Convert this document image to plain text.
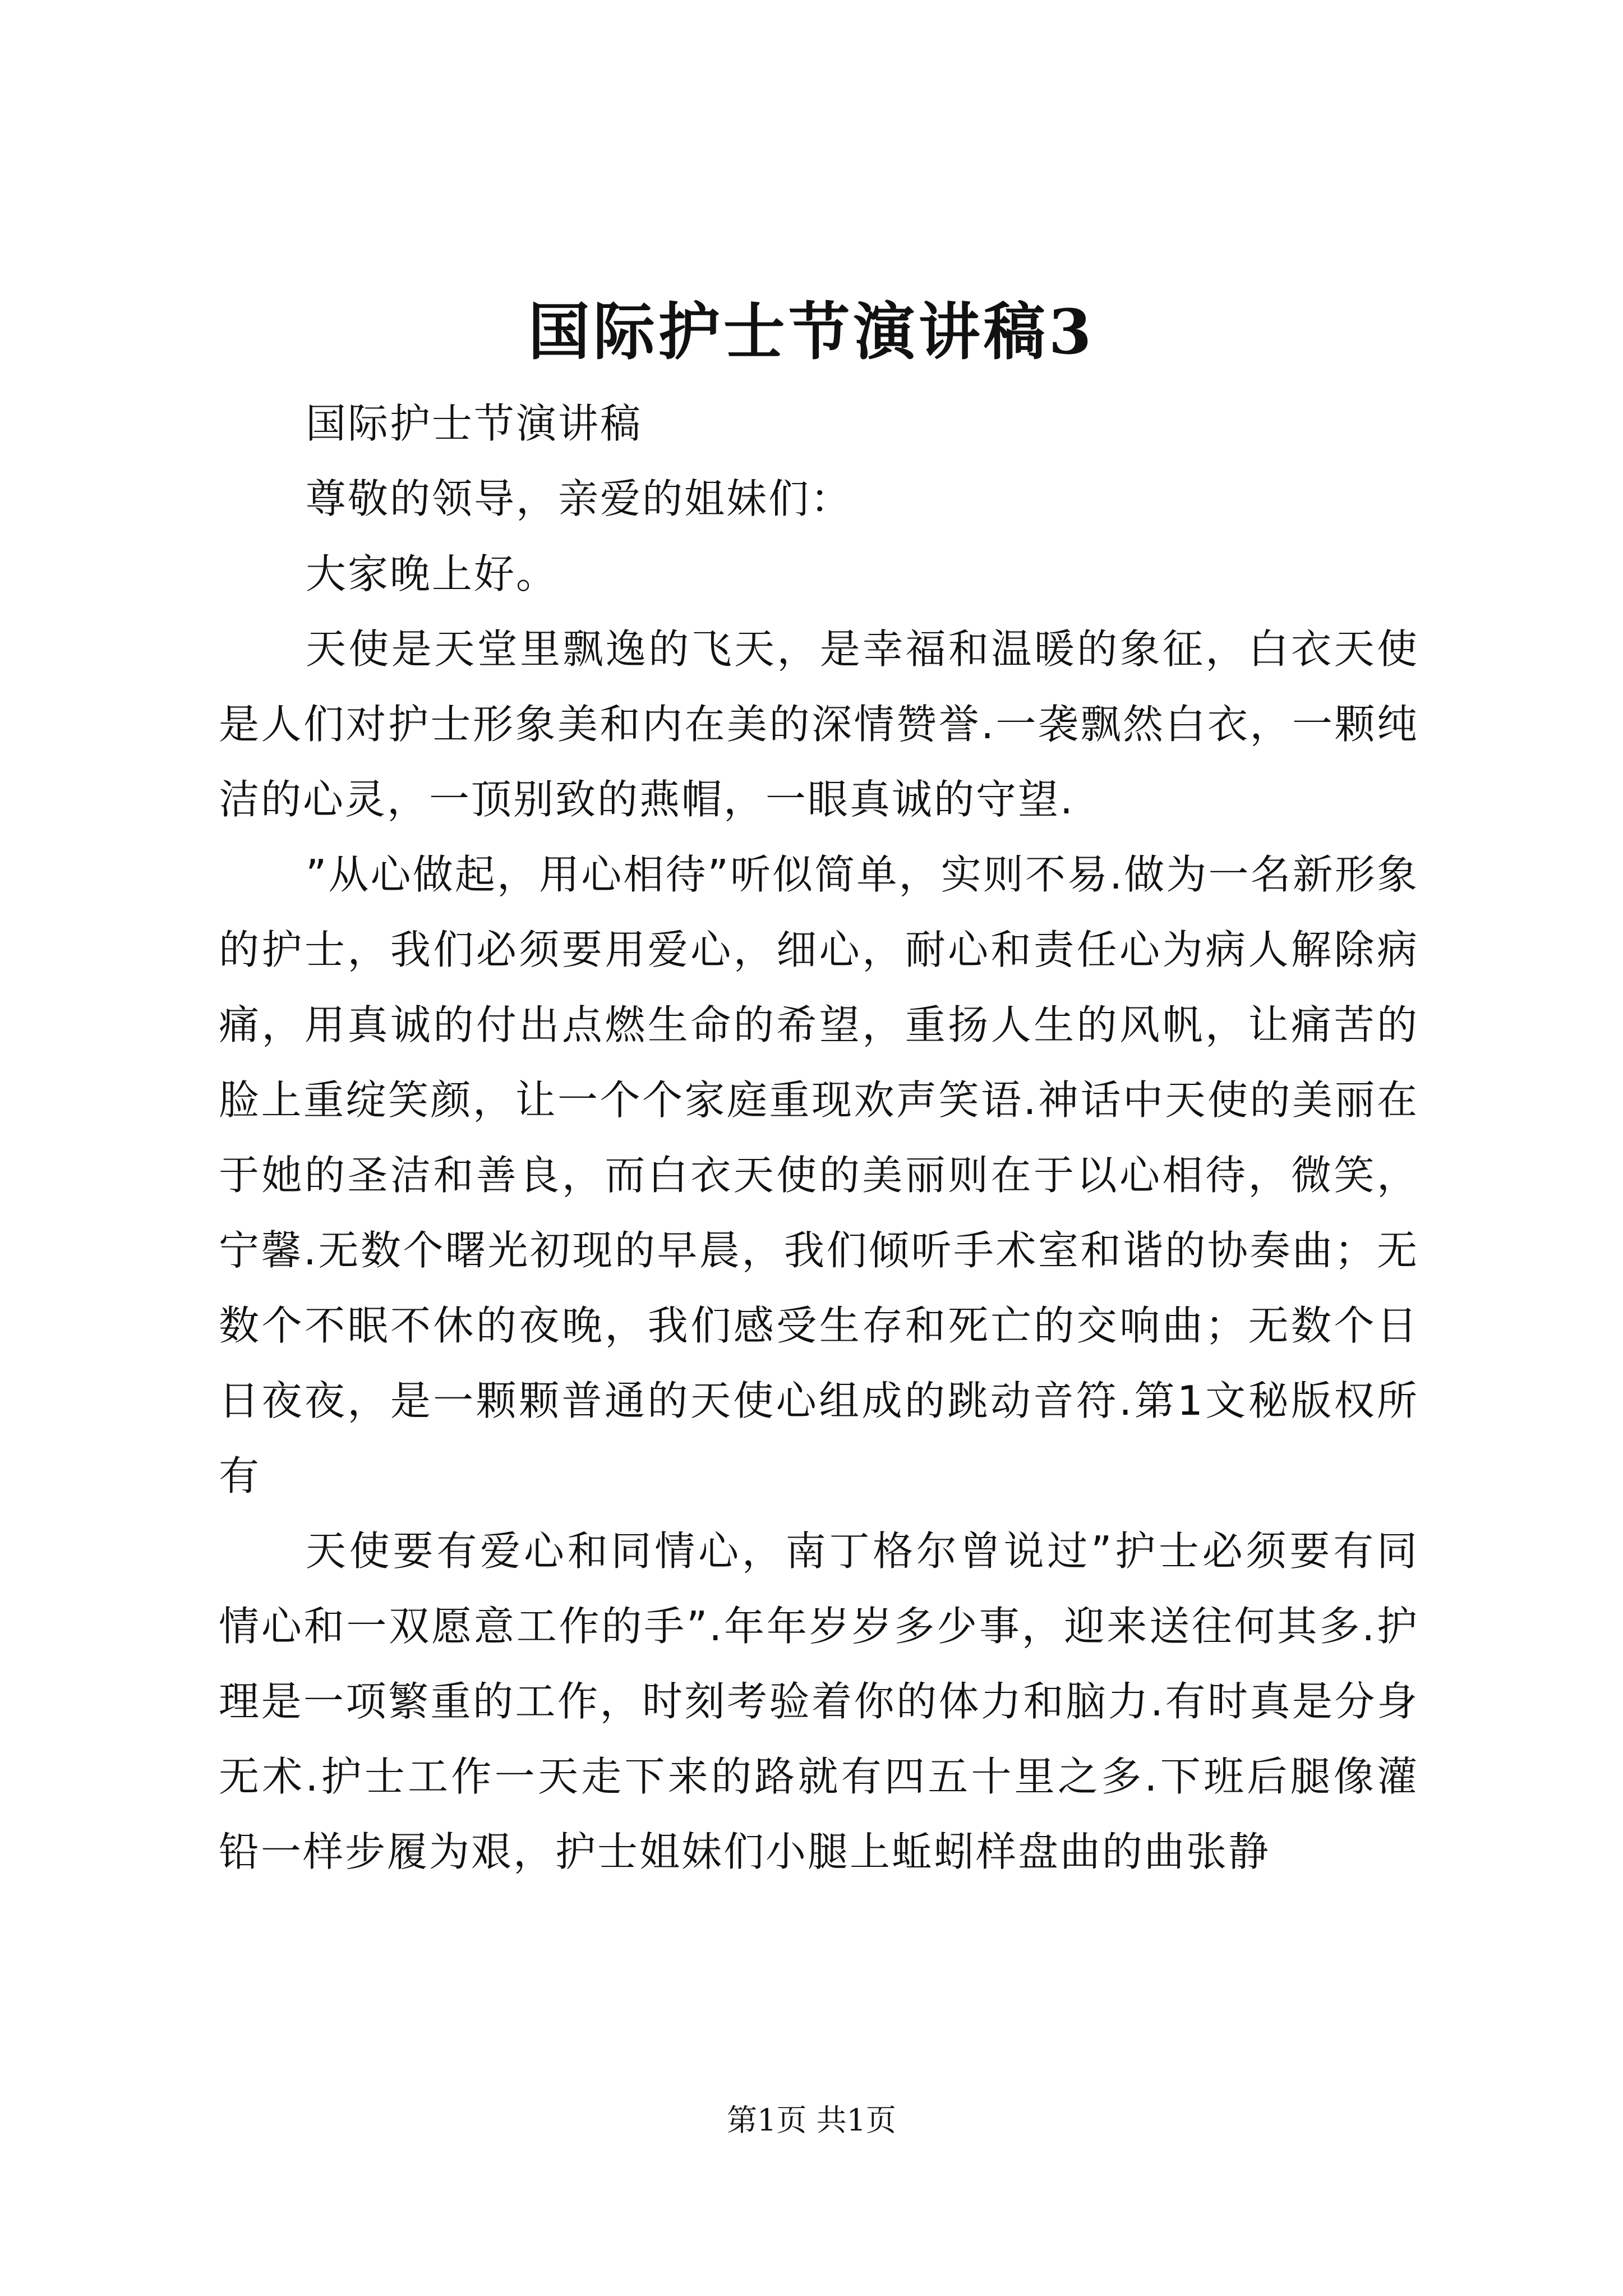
国际护士节演讲稿3

国际护士节演讲稿

尊敬的领导，亲爱的姐妹们：

大家晚上好。

天使是天堂里飘逸的飞天，是幸福和温暖的象征，白衣天使是人们对护士形象美和内在美的深情赞誉.一袭飘然白衣，一颗纯洁的心灵，一顶别致的燕帽，一眼真诚的守望.

”从心做起，用心相待”听似简单，实则不易.做为一名新形象的护士，我们必须要用爱心，细心，耐心和责任心为病人解除病痛，用真诚的付出点燃生命的希望，重扬人生的风帆，让痛苦的脸上重绽笑颜，让一个个家庭重现欢声笑语.神话中天使的美丽在于她的圣洁和善良，而白衣天使的美丽则在于以心相待，微笑，宁馨.无数个曙光初现的早晨，我们倾听手术室和谐的协奏曲；无数个不眠不休的夜晚，我们感受生存和死亡的交响曲；无数个日日夜夜，是一颗颗普通的天使心组成的跳动音符.第1文秘版权所有

天使要有爱心和同情心，南丁格尔曾说过”护士必须要有同情心和一双愿意工作的手”.年年岁岁多少事，迎来送往何其多.护理是一项繁重的工作，时刻考验着你的体力和脑力.有时真是分身无术.护士工作一天走下来的路就有四五十里之多.下班后腿像灌铅一样步履为艰，护士姐妹们小腿上蚯蚓样盘曲的曲张静

第1页 共1页
